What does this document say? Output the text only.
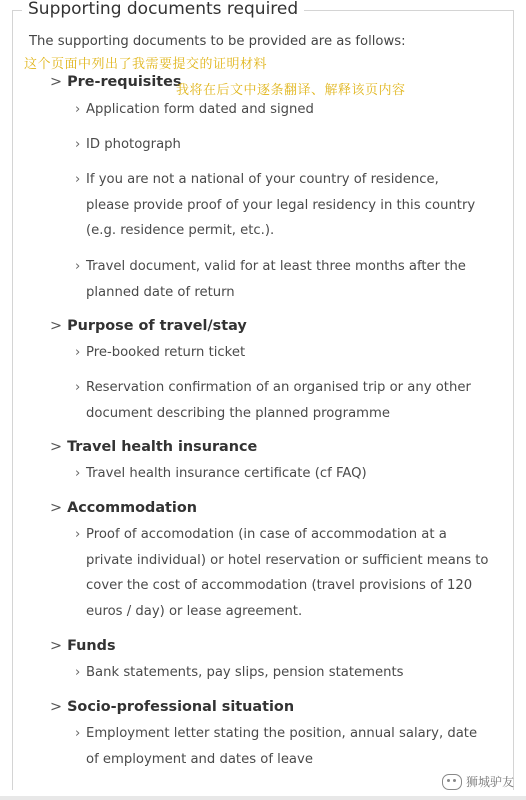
Supporting documents required
The supporting documents to be provided are as follows:
这个页面中列出了我需要提交的证明材料
> Pre-requisites
我将在后文中逐条翻译、解释该页内容
› Application form dated and signed
› ID photograph
› If you are not a national of your country of residence, please provide proof of your legal residency in this country (e.g. residence permit, etc.).
› Travel document, valid for at least three months after the planned date of return
> Purpose of travel/stay
› Pre-booked return ticket
› Reservation confirmation of an organised trip or any other document describing the planned programme
> Travel health insurance
› Travel health insurance certificate (cf FAQ)
> Accommodation
› Proof of accomodation (in case of accommodation at a private individual) or hotel reservation or sufficient means to cover the cost of accommodation (travel provisions of 120 euros / day) or lease agreement.
> Funds
› Bank statements, pay slips, pension statements
> Socio-professional situation
› Employment letter stating the position, annual salary, date of employment and dates of leave
狮城驴友
